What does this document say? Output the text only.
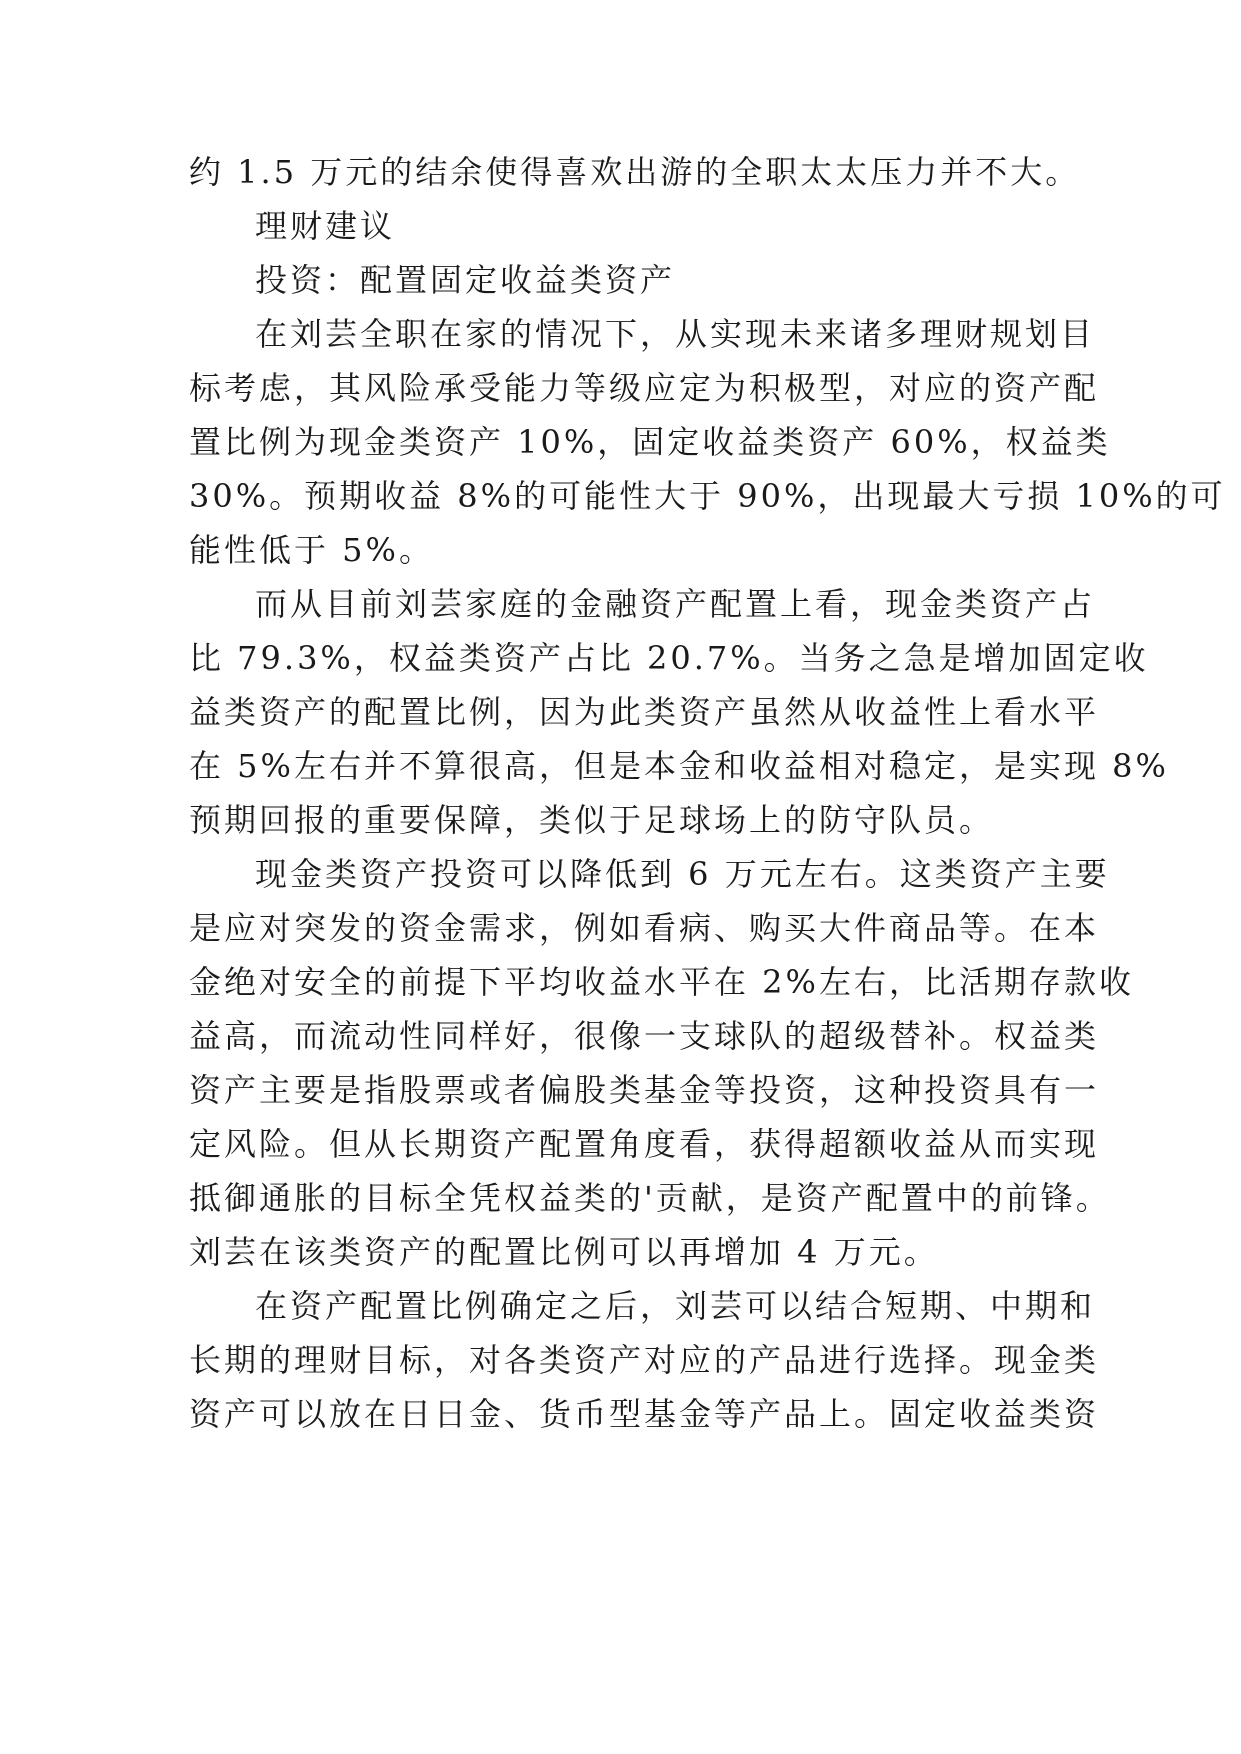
约 1.5 万元的结余使得喜欢出游的全职太太压力并不大。
理财建议
投资：配置固定收益类资产
在刘芸全职在家的情况下，从实现未来诸多理财规划目
标考虑，其风险承受能力等级应定为积极型，对应的资产配
置比例为现金类资产 10%，固定收益类资产 60%，权益类
30%。预期收益 8%的可能性大于 90%，出现最大亏损 10%的可
能性低于 5%。
而从目前刘芸家庭的金融资产配置上看，现金类资产占
比 79.3%，权益类资产占比 20.7%。当务之急是增加固定收
益类资产的配置比例，因为此类资产虽然从收益性上看水平
在 5%左右并不算很高，但是本金和收益相对稳定，是实现 8%
预期回报的重要保障，类似于足球场上的防守队员。
现金类资产投资可以降低到 6 万元左右。这类资产主要
是应对突发的资金需求，例如看病、购买大件商品等。在本
金绝对安全的前提下平均收益水平在 2%左右，比活期存款收
益高，而流动性同样好，很像一支球队的超级替补。权益类
资产主要是指股票或者偏股类基金等投资，这种投资具有一
定风险。但从长期资产配置角度看，获得超额收益从而实现
抵御通胀的目标全凭权益类的'贡献，是资产配置中的前锋。
刘芸在该类资产的配置比例可以再增加 4 万元。
在资产配置比例确定之后，刘芸可以结合短期、中期和
长期的理财目标，对各类资产对应的产品进行选择。现金类
资产可以放在日日金、货币型基金等产品上。固定收益类资
